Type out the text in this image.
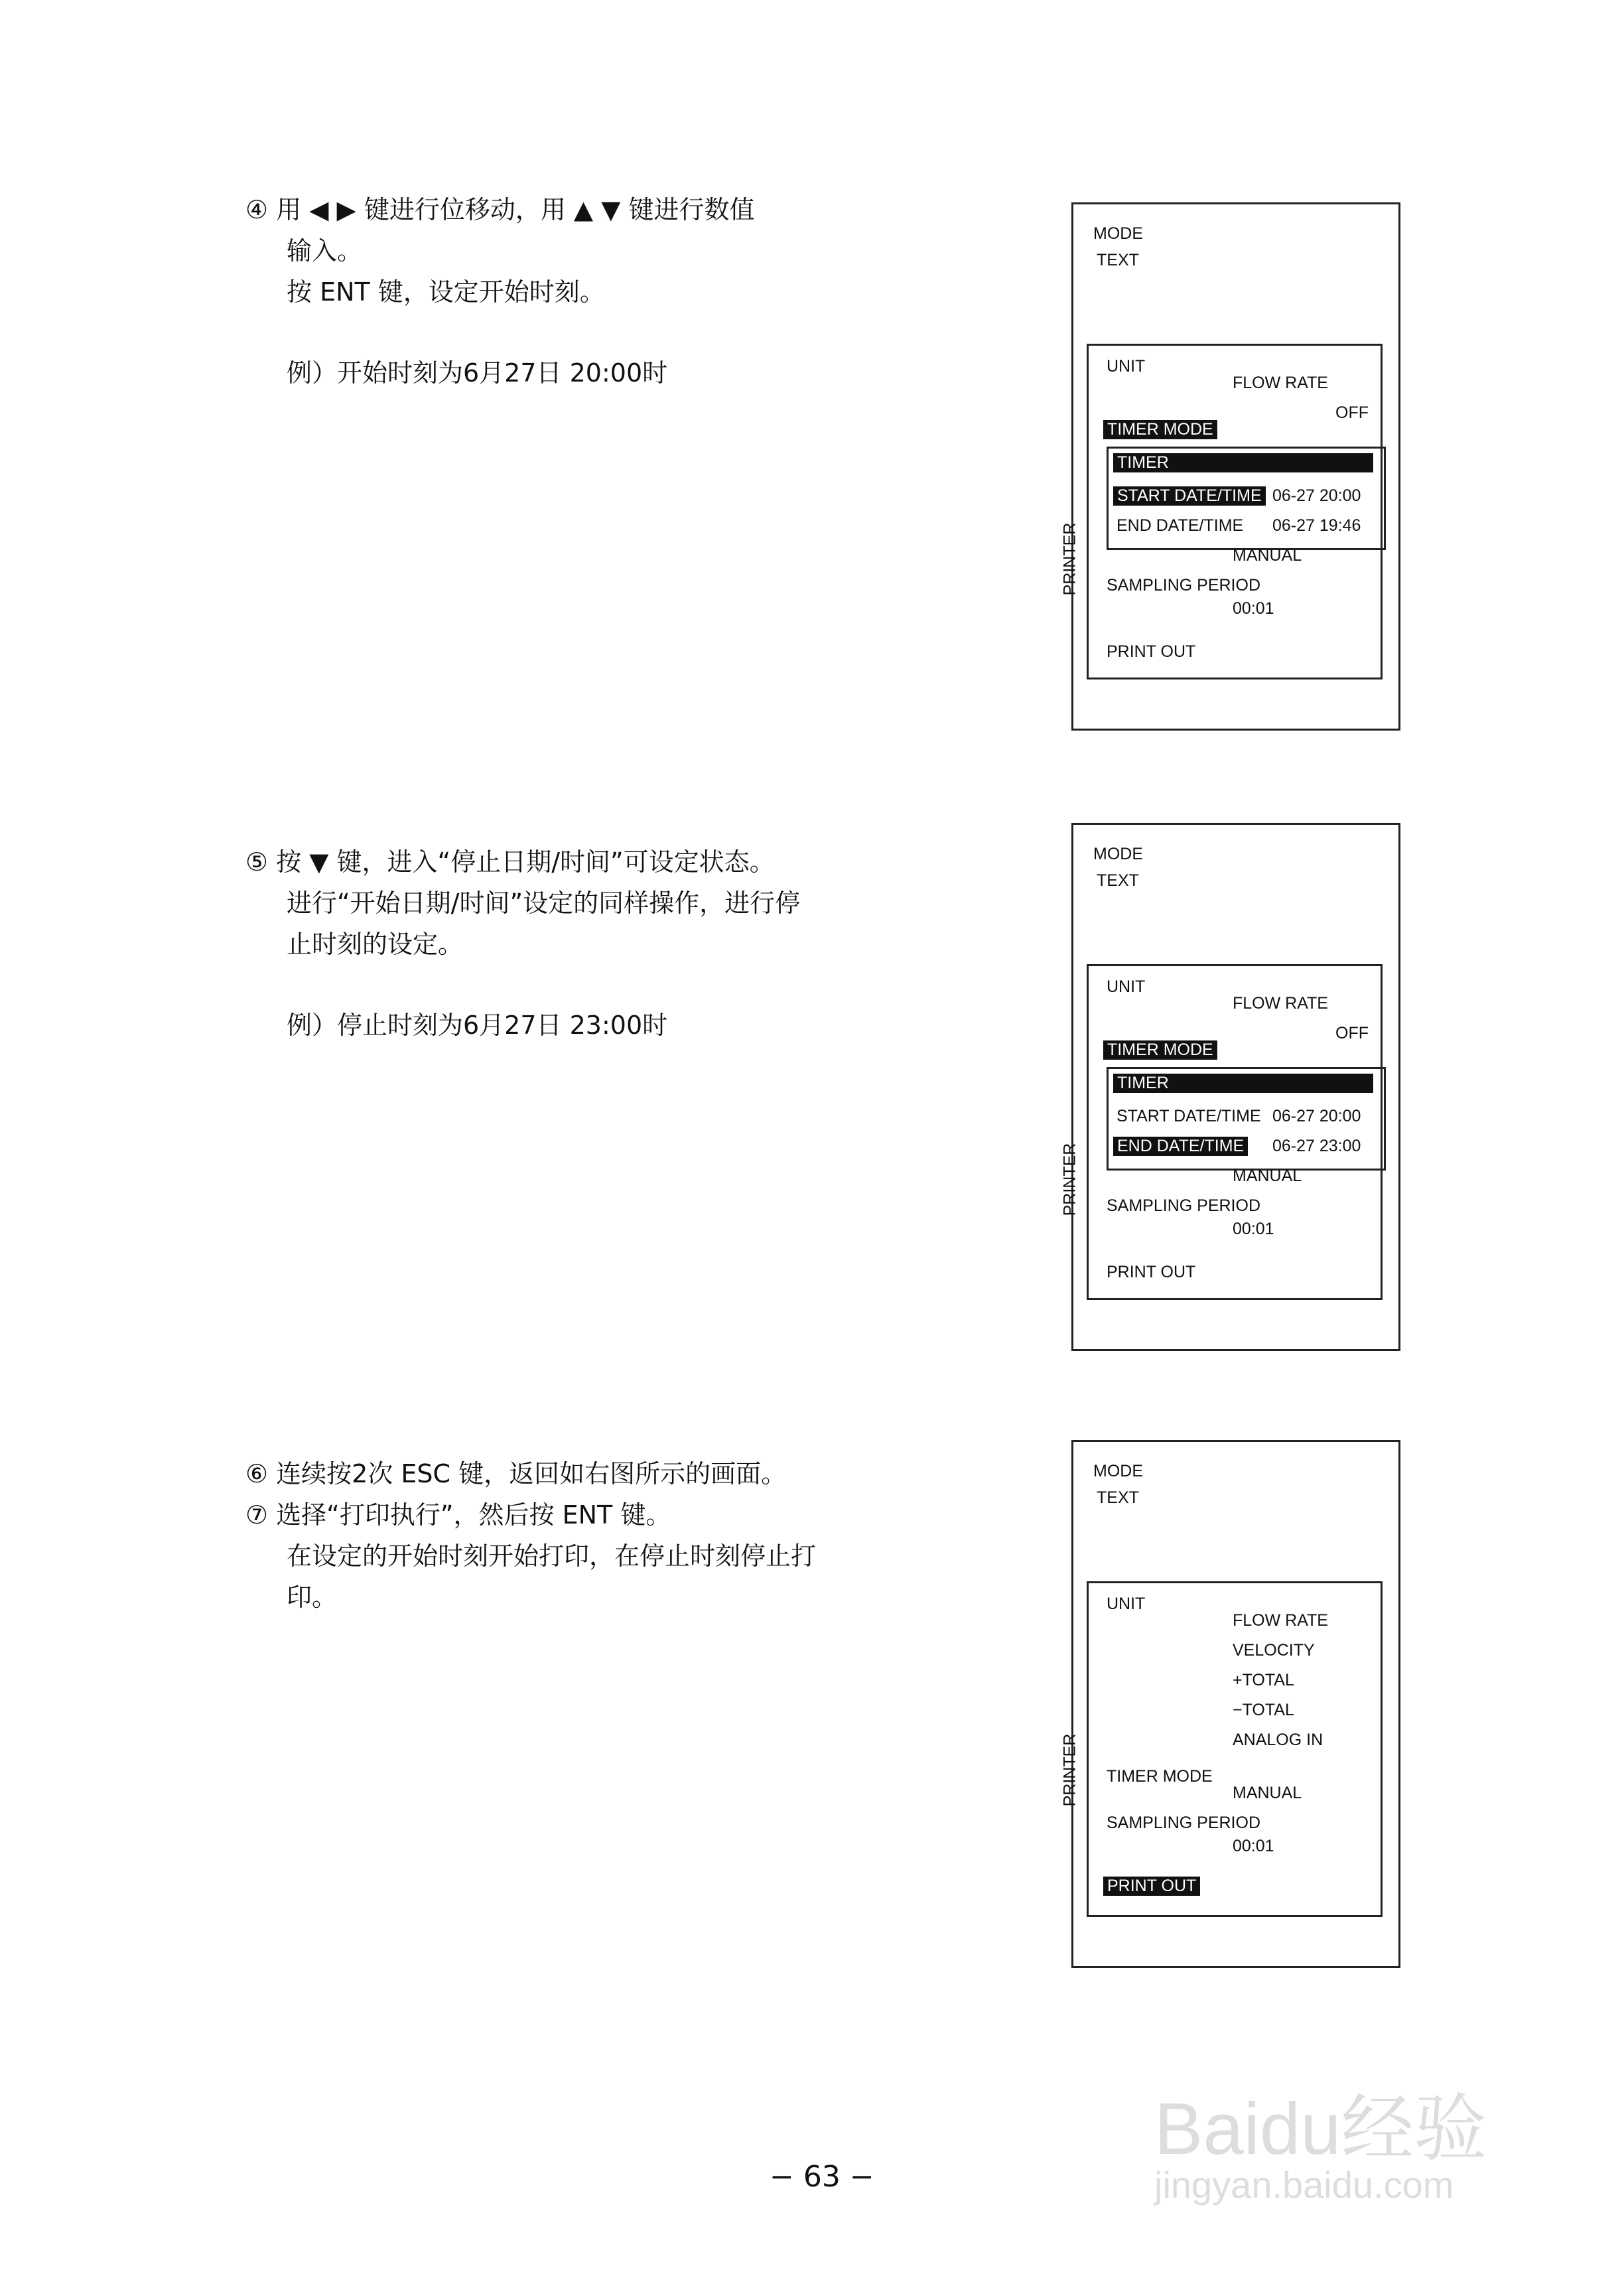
④ 用 ◀ ▶ 键进行位移动，用 ▲ ▼ 键进行数值
输入。
按 ENT 键，设定开始时刻。
例）开始时刻为6月27日 20:00时
⑤ 按 ▼ 键，进入“停止日期/时间”可设定状态。
进行“开始日期/时间”设定的同样操作，进行停
止时刻的设定。
例）停止时刻为6月27日 23:00时
⑥ 连续按2次 ESC 键，返回如右图所示的画面。
⑦ 选择“打印执行”，然后按 ENT 键。
在设定的开始时刻开始打印，在停止时刻停止打
印。
MODE
TEXT
PRINTER
UNIT
FLOW RATE
OFF
TIMER MODE
TIMER
START DATE/TIME 06-27 20:00
END DATE/TIME 06-27 19:46
MANUAL
SAMPLING PERIOD
00:01
PRINT OUT
MODE
TEXT
PRINTER
UNIT
FLOW RATE
OFF
TIMER MODE
TIMER
START DATE/TIME 06-27 20:00
END DATE/TIME 06-27 23:00
MANUAL
SAMPLING PERIOD
00:01
PRINT OUT
MODE
TEXT
PRINTER
UNIT
FLOW RATE
VELOCITY
+TOTAL
−TOTAL
ANALOG IN
TIMER MODE
MANUAL
SAMPLING PERIOD
00:01
PRINT OUT
− 63 −
Baidu经验
jingyan.baidu.com
